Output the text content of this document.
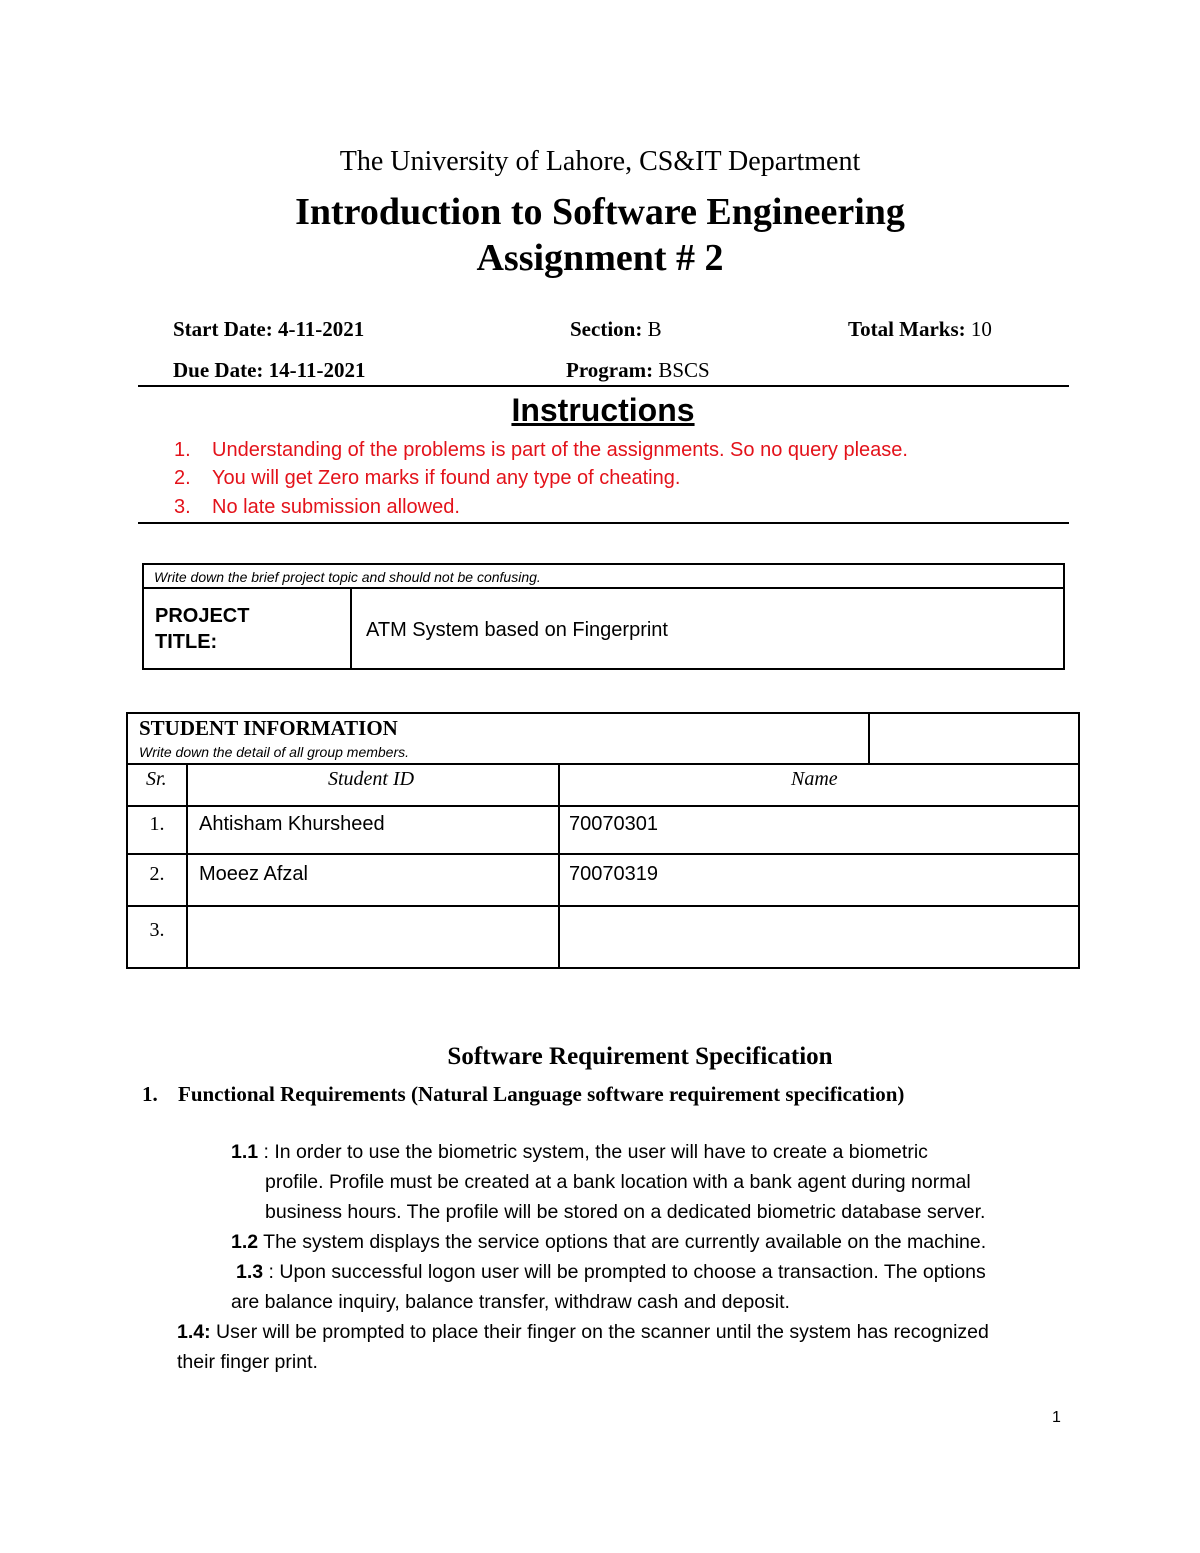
The University of Lahore, CS&IT Department
Introduction to Software Engineering
Assignment # 2
Start Date: 4-11-2021	Section: B	Total Marks: 10
Due Date: 14-11-2021	Program: BSCS
Instructions
1. Understanding of the problems is part of the assignments. So no query please.
2. You will get Zero marks if found any type of cheating.
3. No late submission allowed.
Write down the brief project topic and should not be confusing.
PROJECT
TITLE:
ATM System based on Fingerprint
STUDENT INFORMATION
Write down the detail of all group members.
Sr.	Student ID	Name
1.	Ahtisham Khursheed	70070301
2.	Moeez Afzal	70070319
3.
Software Requirement Specification
1. Functional Requirements (Natural Language software requirement specification)
1.1 : In order to use the biometric system, the user will have to create a biometric
profile. Profile must be created at a bank location with a bank agent during normal
business hours. The profile will be stored on a dedicated biometric database server.
1.2 The system displays the service options that are currently available on the machine.
1.3 : Upon successful logon user will be prompted to choose a transaction. The options
are balance inquiry, balance transfer, withdraw cash and deposit.
1.4: User will be prompted to place their finger on the scanner until the system has recognized
their finger print.
1
